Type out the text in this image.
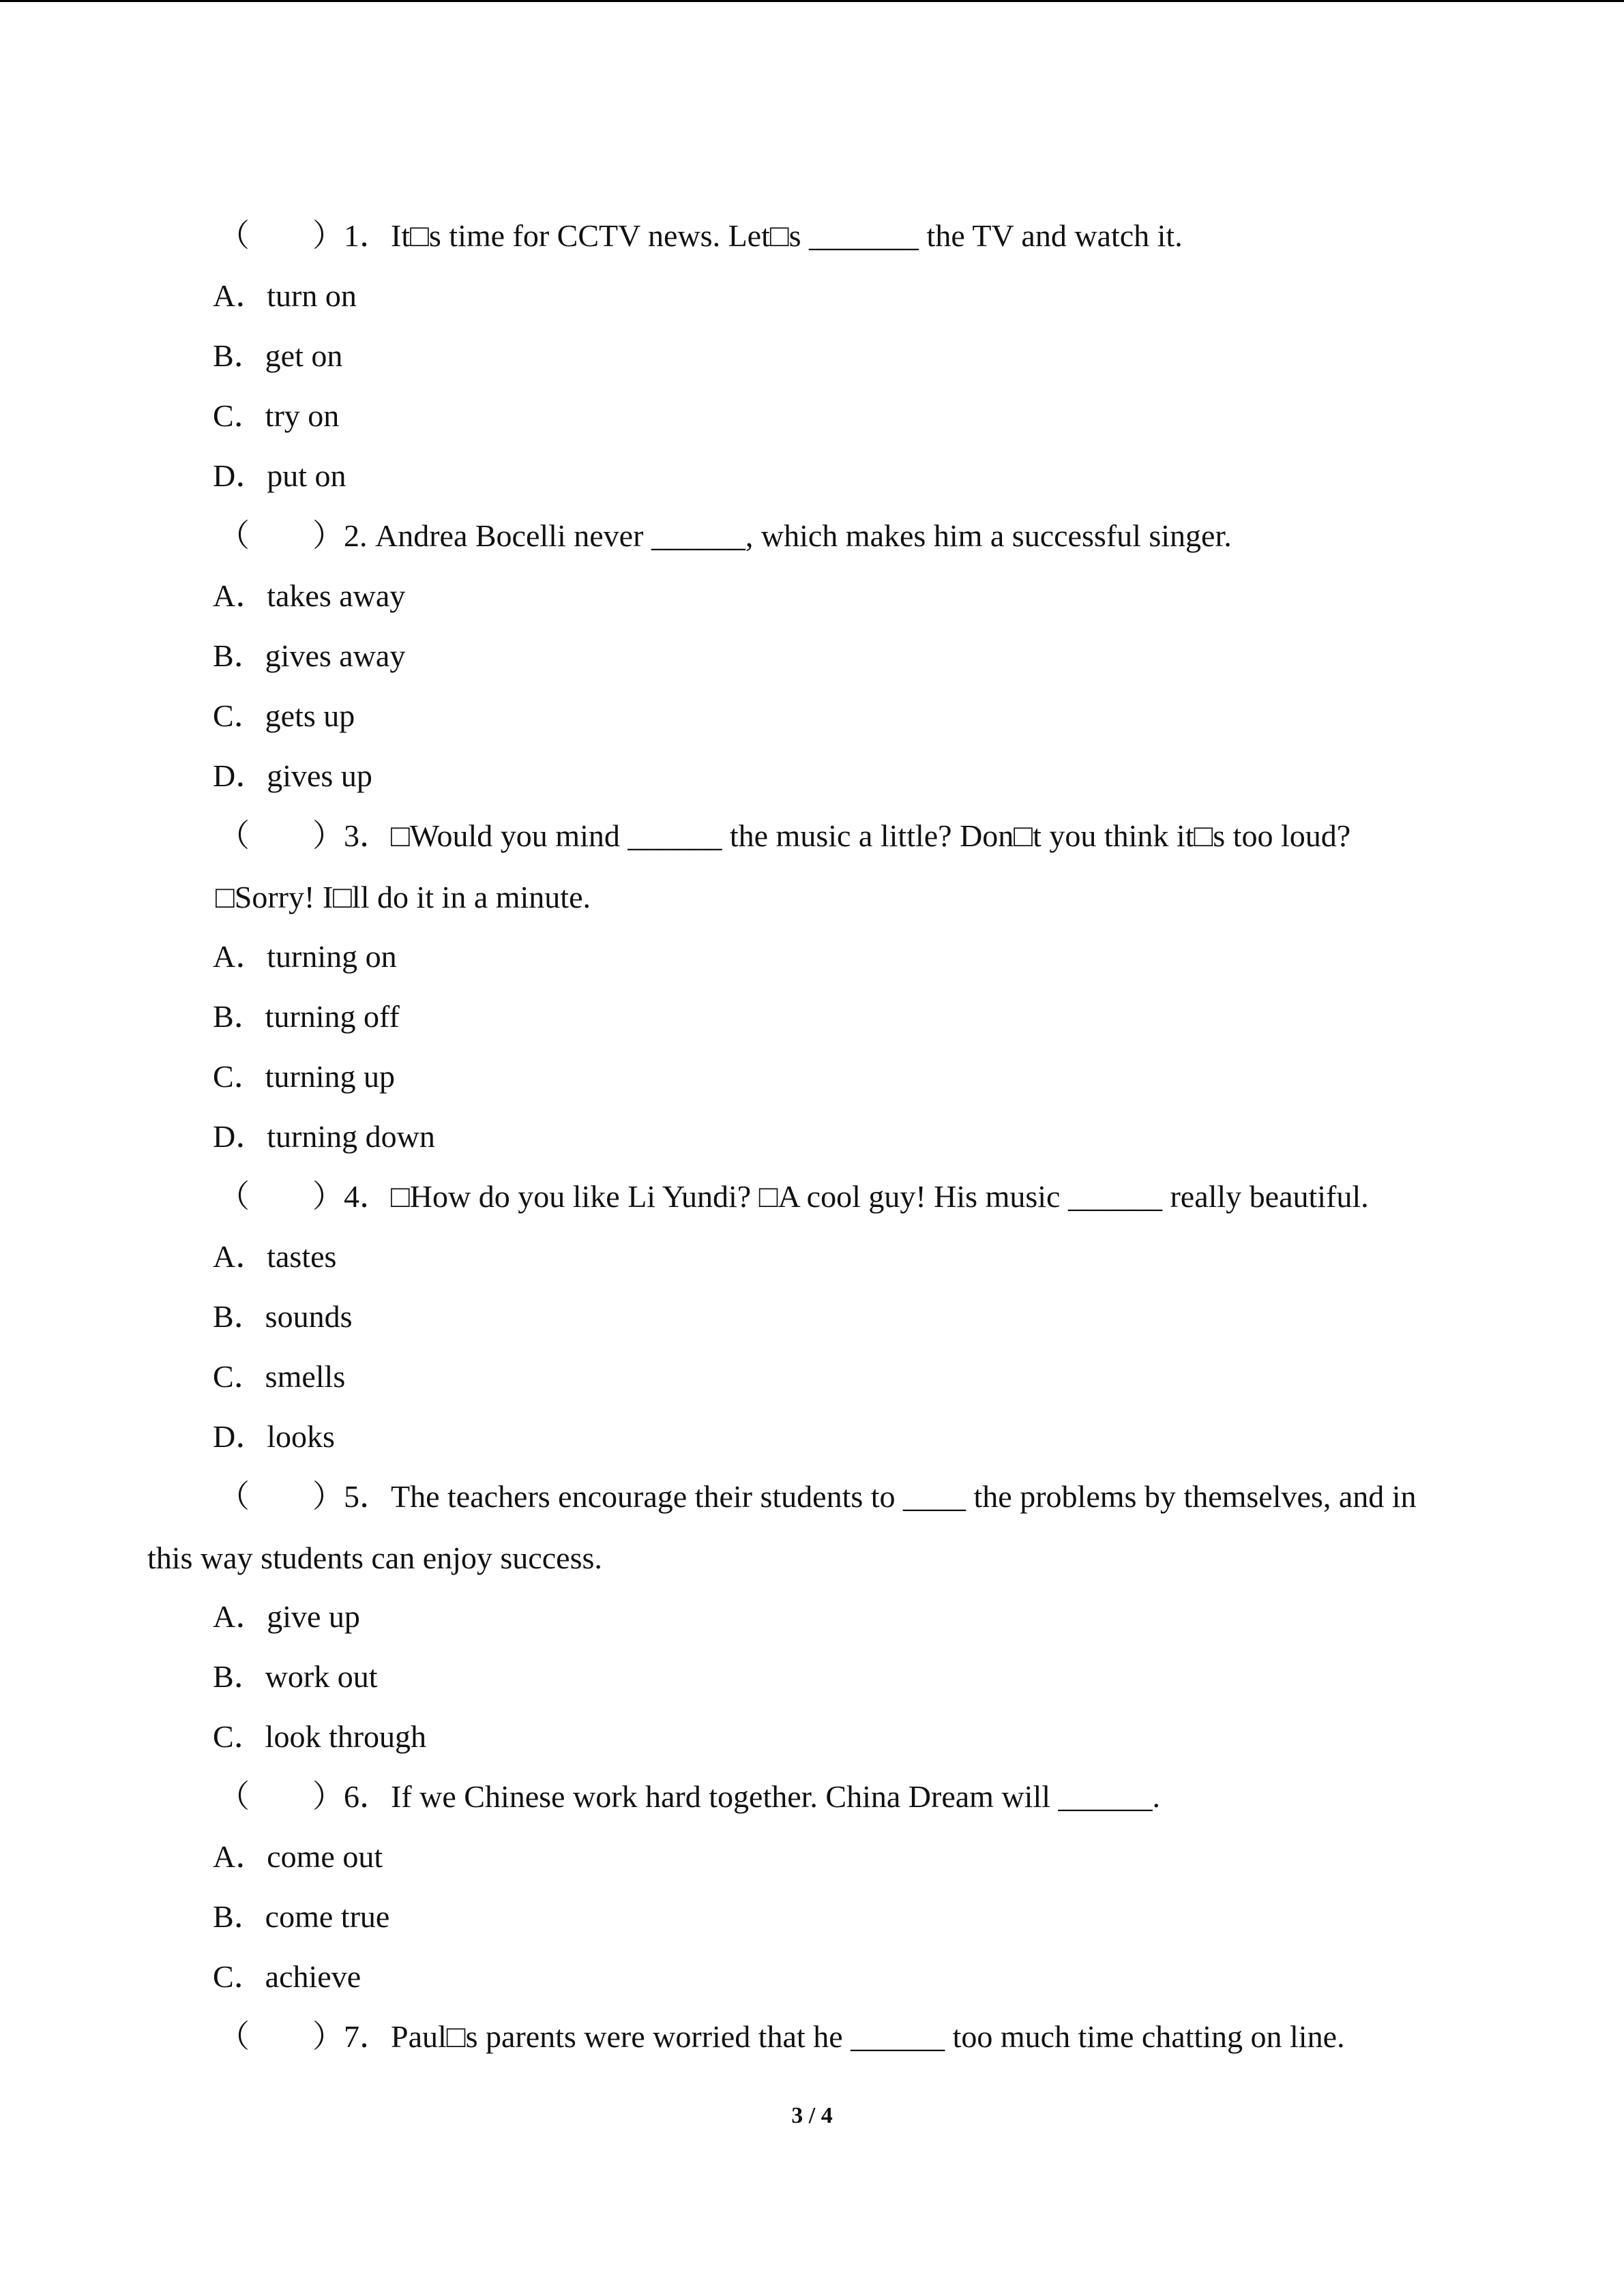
（　　）1．It□s time for CCTV news. Let□s _______ the TV and watch it.
A．turn on
B．get on
C．try on
D．put on
（　　）2. Andrea Bocelli never ______, which makes him a successful singer.
A．takes away
B．gives away
C．gets up
D．gives up
（　　）3．□Would you mind ______ the music a little? Don□t you think it□s too loud?
□Sorry! I□ll do it in a minute.
A．turning on
B．turning off
C．turning up
D．turning down
（　　）4．□How do you like Li Yundi? □A cool guy! His music ______ really beautiful.
A．tastes
B．sounds
C．smells
D．looks
（　　）5．The teachers encourage their students to ____ the problems by themselves, and in
this way students can enjoy success.
A．give up
B．work out
C．look through
（　　）6．If we Chinese work hard together. China Dream will ______.
A．come out
B．come true
C．achieve
（　　）7．Paul□s parents were worried that he ______ too much time chatting on line.
3 / 4
